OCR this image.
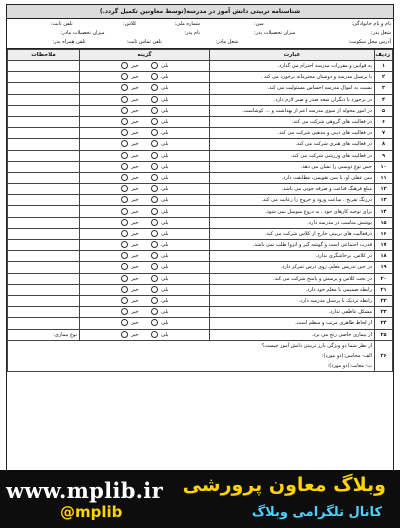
شناسنامه تربیتی دانش آموز در مدرسه(توسط معاونین تکمیل گردد.)
نام و نام خانوادگی:
سن:
شماره ملی:
کلاس:
تلفن ثابت:
شغل پدر:
میزان تحصیلات پدر:
نام پدر:
میزان تحصیلات مادر:
آدرس محل سکونت:
شغل مادر:
تلفن تماس ثابت:
تلفن همراه پدر:
ردیف	عبارت	گزینه	ملاحظات
۱	به قوانین و مقررات مدرسه احترام می گذارد.	بلی خیر	
۲	با پرسنل مدرسه و دوستان محترمانه برخورد می کند .	بلی خیر	
۳	نسبت به اموال مدرسه احساس مسئولیت می کند.	بلی خیر	
۴	در برخورد با دیگران سعه صدر و صبر لازم دارد.	بلی خیر	
۵	در امور محوله از سوی مدرسه اعم از بهداشت و ... کوشاست.	بلی خیر	
۶	در فعالیت های گروهی شرکت می کند.	بلی خیر	
۷	در فعالیت های دینی و مذهبی شرکت می کند.	بلی خیر	
۸	در فعالیت های هنری شرکت می کند.	بلی خیر	
۹	در فعالیت های ورزشی شرکت می کند.	بلی خیر	
۱۰	حس نوع دوستی را نشان می دهد.	بلی خیر	
۱۱	سن عقلی او، با سن تقویمی، مطابقت دارد.	بلی خیر	
۱۲	مبلغ فرهنگ قناعت و صرفه جویی می باشد.	بلی خیر	
۱۳	درزنگ تفریح ، ساعت ورود و خروج را رعایت می کند.	بلی خیر	
۱۴	برای توجیه کارهای خود ، به دروغ متوسل نمی شود.	بلی خیر	
۱۵	پوشش مناسب در مدرسه دارد.	بلی خیر	
۱۶	درفعالیت های تربیتی خارج از کلاس شرکت می کند.	بلی خیر	
۱۷	قدرت اجتماعی است و گوشه گیر و انزوا طلب نمی باشد.	بلی خیر	
۱۸	در کلاس، پرخاشگری ندارد.	بلی خیر	
۱۹	در حین تدریس معلم، روی درس تمرکز دارد.	بلی خیر	
۲۰	در بحث کلاس و پرسش و پاسخ شرکت می کند.	بلی خیر	
۲۱	رابطه صمیمی با معلم خود دارد.	بلی خیر	
۲۲	رابطه نزدیک با پرسنل مدرسه دارد.	بلی خیر	
۲۳	مشکل عاطفی ندارد.	بلی خیر	
۲۴	از لحاظ ظاهری مرتب و منظم است.	بلی خیر	
۲۵	از بیماری خاصی رنج می برد.	بلی خیر	نوع بیماری:
۲۶	از نظر شما دو ویژگی بارز تربیتی دانش آموز چیست؟
الف- محاسن:(دو مورد):
ب- معایب:(دو مورد):		
www.mplib.ir وبلاگ معاون پرورشی
کانال تلگرامی وبلاگ
@mplib
